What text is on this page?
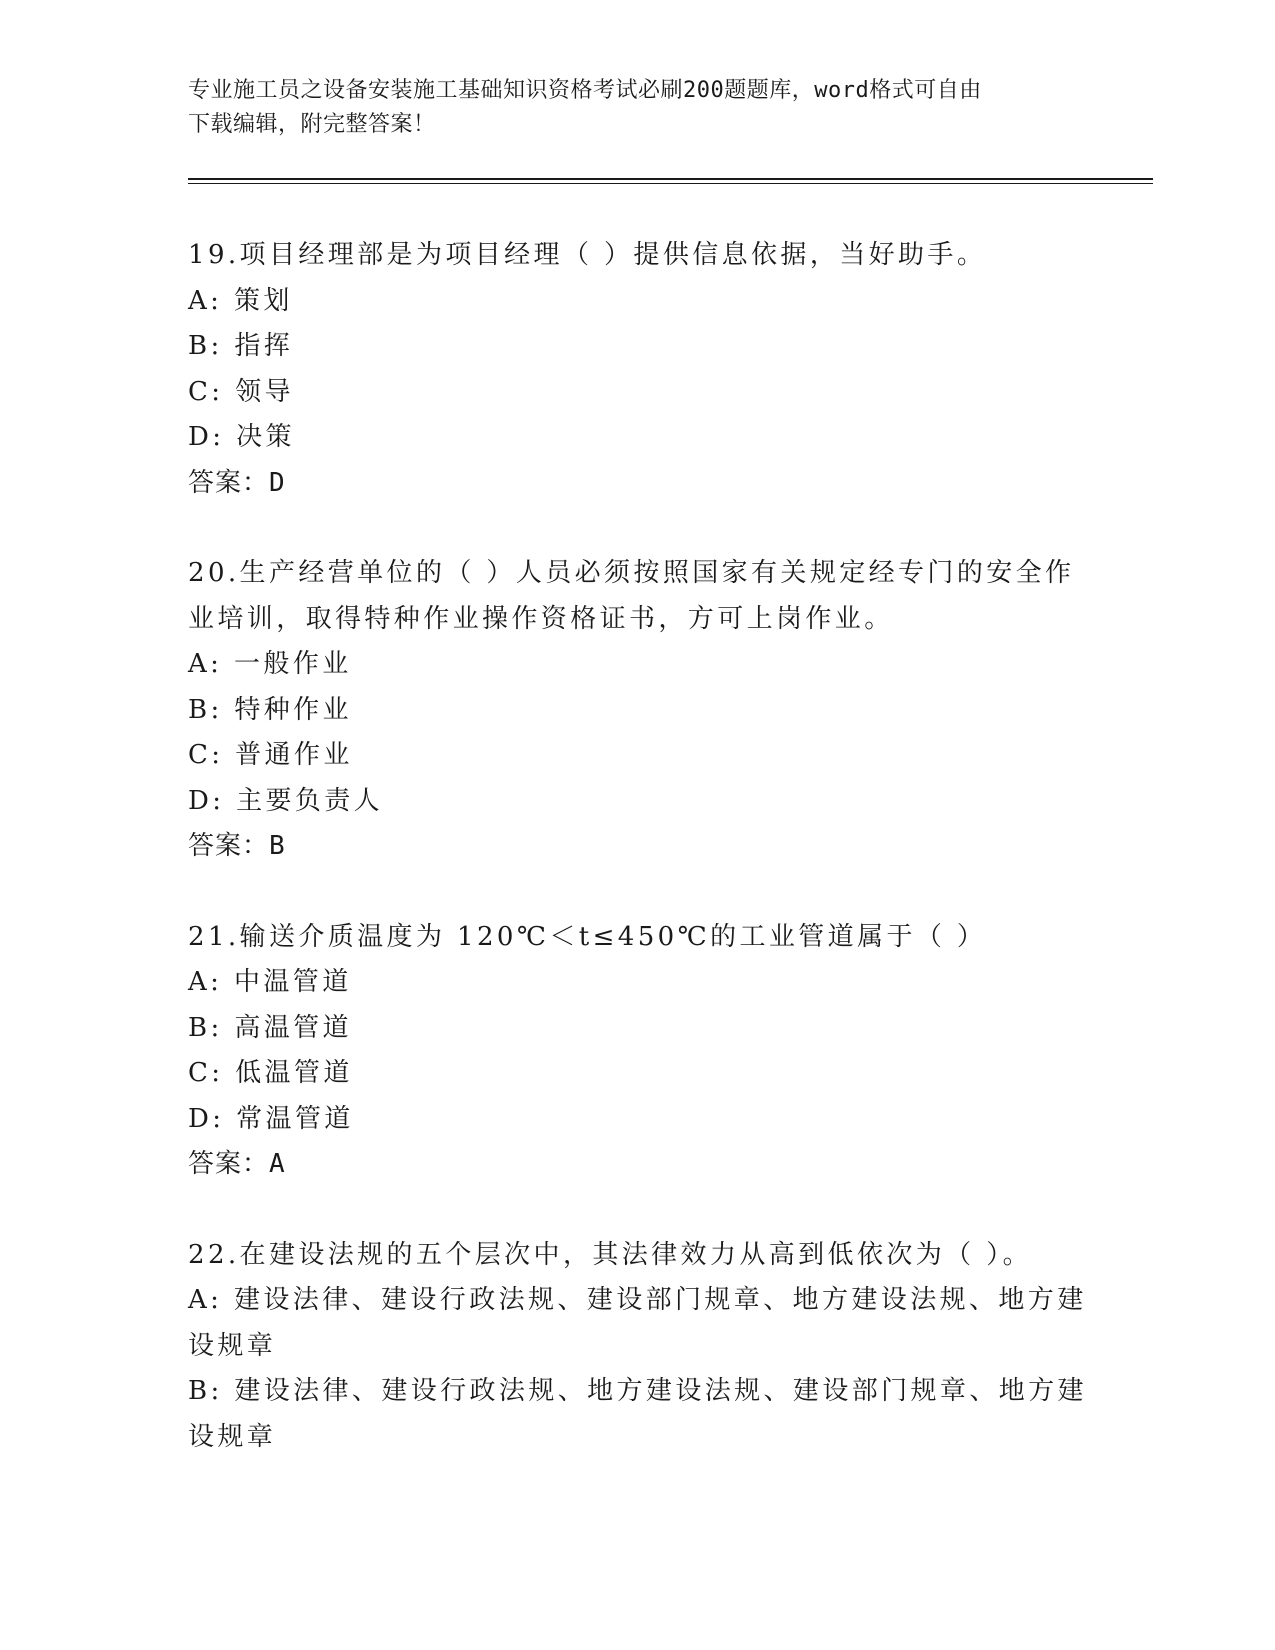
专业施工员之设备安装施工基础知识资格考试必刷200题题库，word格式可自由
下载编辑，附完整答案！
19.项目经理部是为项目经理（ ）提供信息依据，当好助手。
A: 策划
B: 指挥
C: 领导
D: 决策
答案：D
20.生产经营单位的（ ）人员必须按照国家有关规定经专门的安全作业培训，取得特种作业操作资格证书，方可上岗作业。
A: 一般作业
B: 特种作业
C: 普通作业
D: 主要负责人
答案：B
21.输送介质温度为 120℃＜t≤450℃的工业管道属于（ ）
A: 中温管道
B: 高温管道
C: 低温管道
D: 常温管道
答案：A
22.在建设法规的五个层次中，其法律效力从高到低依次为（ ）。
A: 建设法律、建设行政法规、建设部门规章、地方建设法规、地方建设规章
B: 建设法律、建设行政法规、地方建设法规、建设部门规章、地方建设规章
